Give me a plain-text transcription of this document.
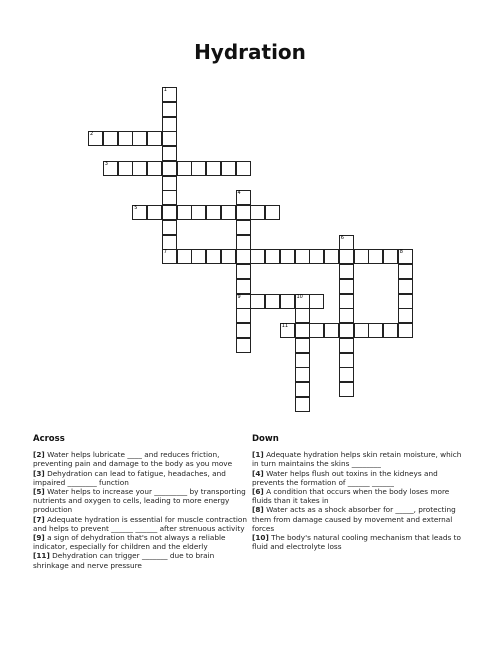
Hydration
1
7
2
3
4
9
5
6
8
10
11
Across

[2] Water helps lubricate ____ and reduces friction, preventing pain and damage to the body as you move

[3] Dehydration can lead to fatigue, headaches, and impaired ________ function

[5] Water helps to increase your _________ by transporting nutrients and oxygen to cells, leading to more energy production

[7] Adequate hydration is essential for muscle contraction and helps to prevent ______ ______ after strenuous activity

[9] a sign of dehydration that's not always a reliable indicator, especially for children and the elderly

[11] Dehydration can trigger _______ due to brain shrinkage and nerve pressure

Down

[1] Adequate hydration helps skin retain moisture, which in turn maintains the skins ________

[4] Water helps flush out toxins in the kidneys and prevents the formation of ______ ______

[6] A condition that occurs when the body loses more fluids than it takes in

[8] Water acts as a shock absorber for _____, protecting them from damage caused by movement and external forces

[10] The body's natural cooling mechanism that leads to fluid and electrolyte loss
